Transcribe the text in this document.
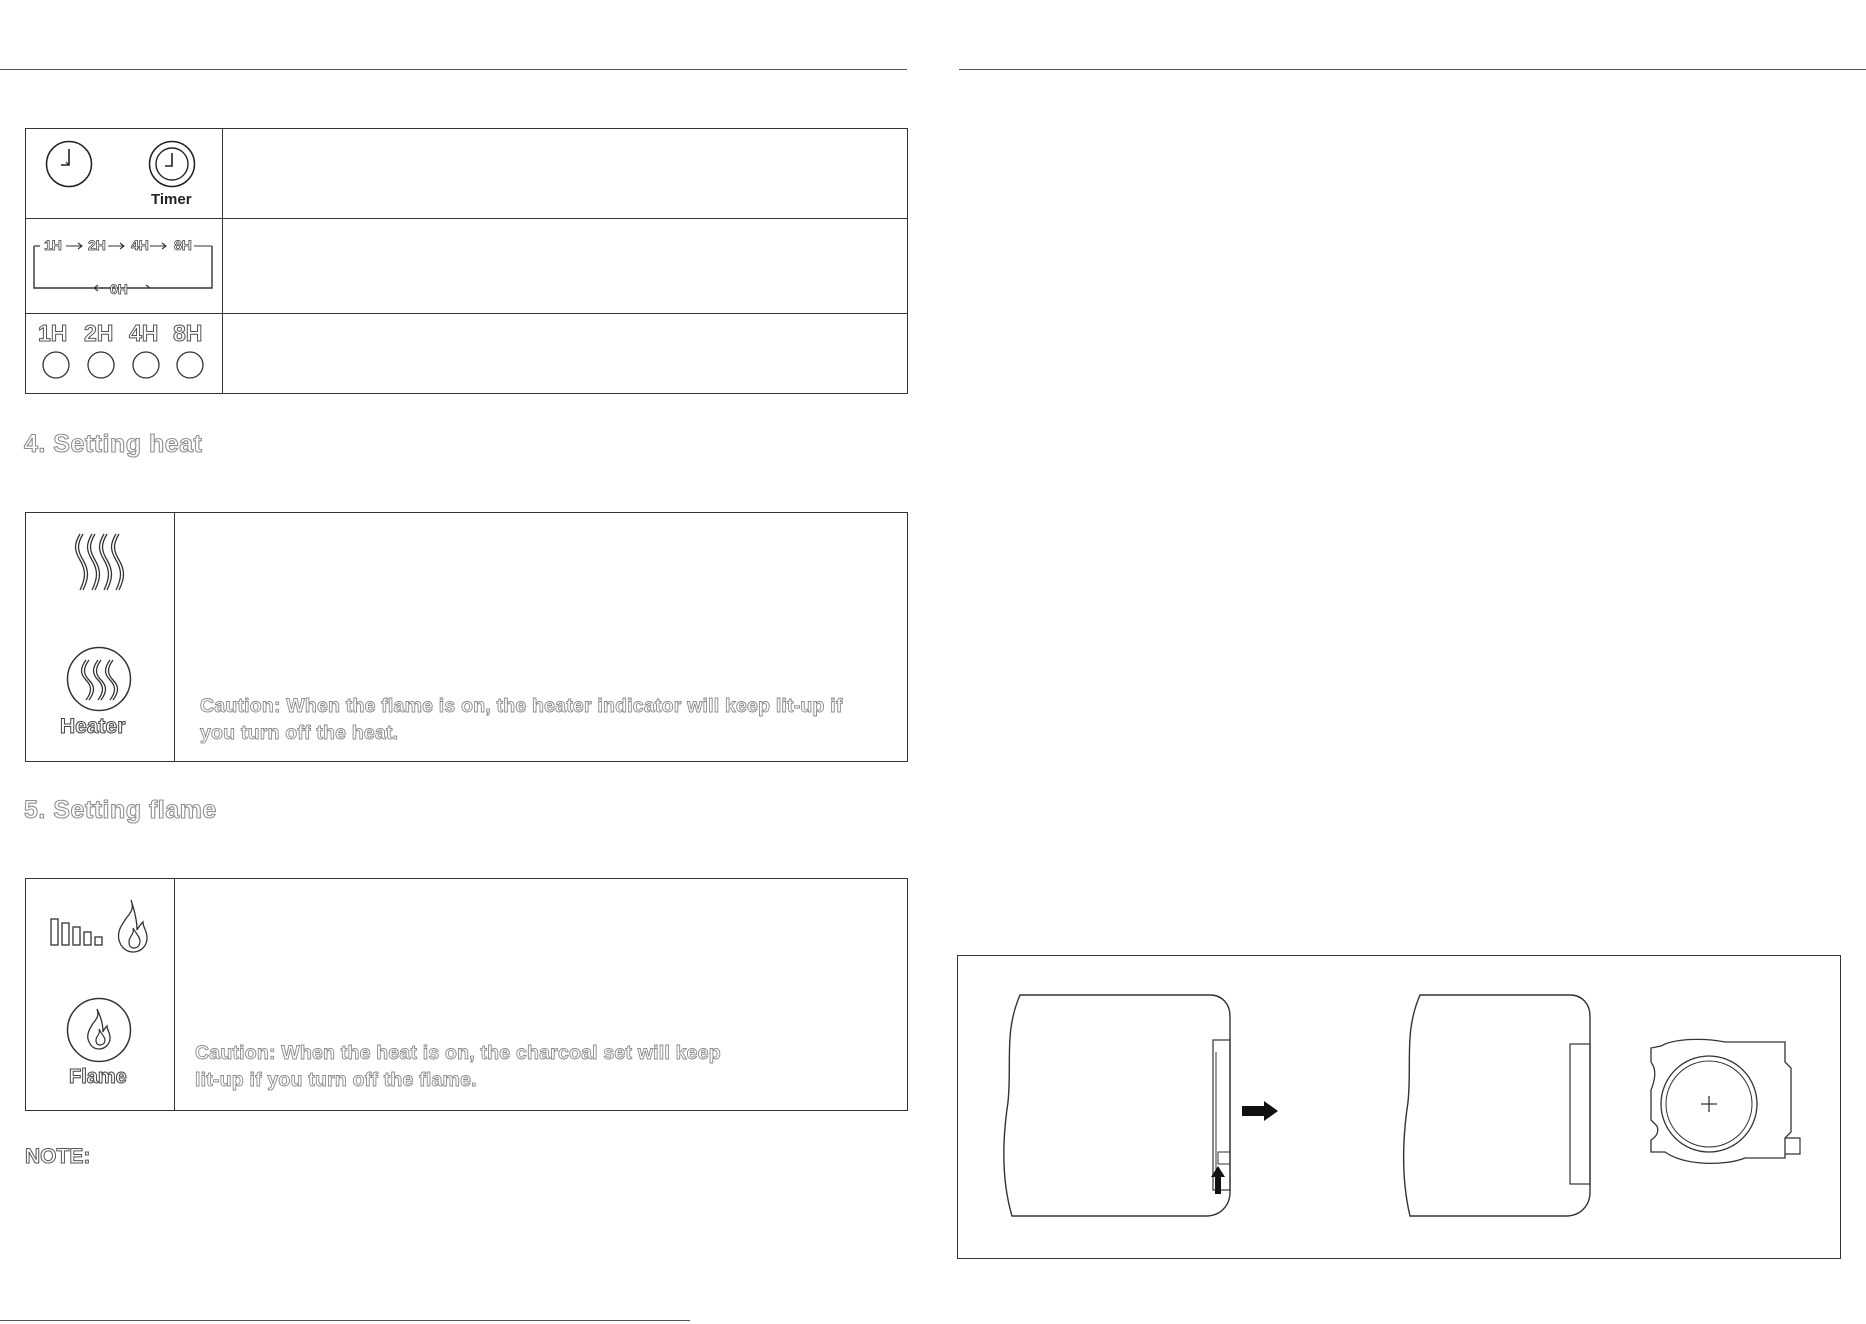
Timer
1H 2H 4H 8H
0H
1H 2H 4H 8H
4. Setting heat
Heater
Caution: When the flame is on, the heater indicator will keep lit-up if
you turn off the heat.
5. Setting flame
Flame
Caution: When the heat is on, the charcoal set will keep
lit-up if you turn off the flame.
NOTE:
